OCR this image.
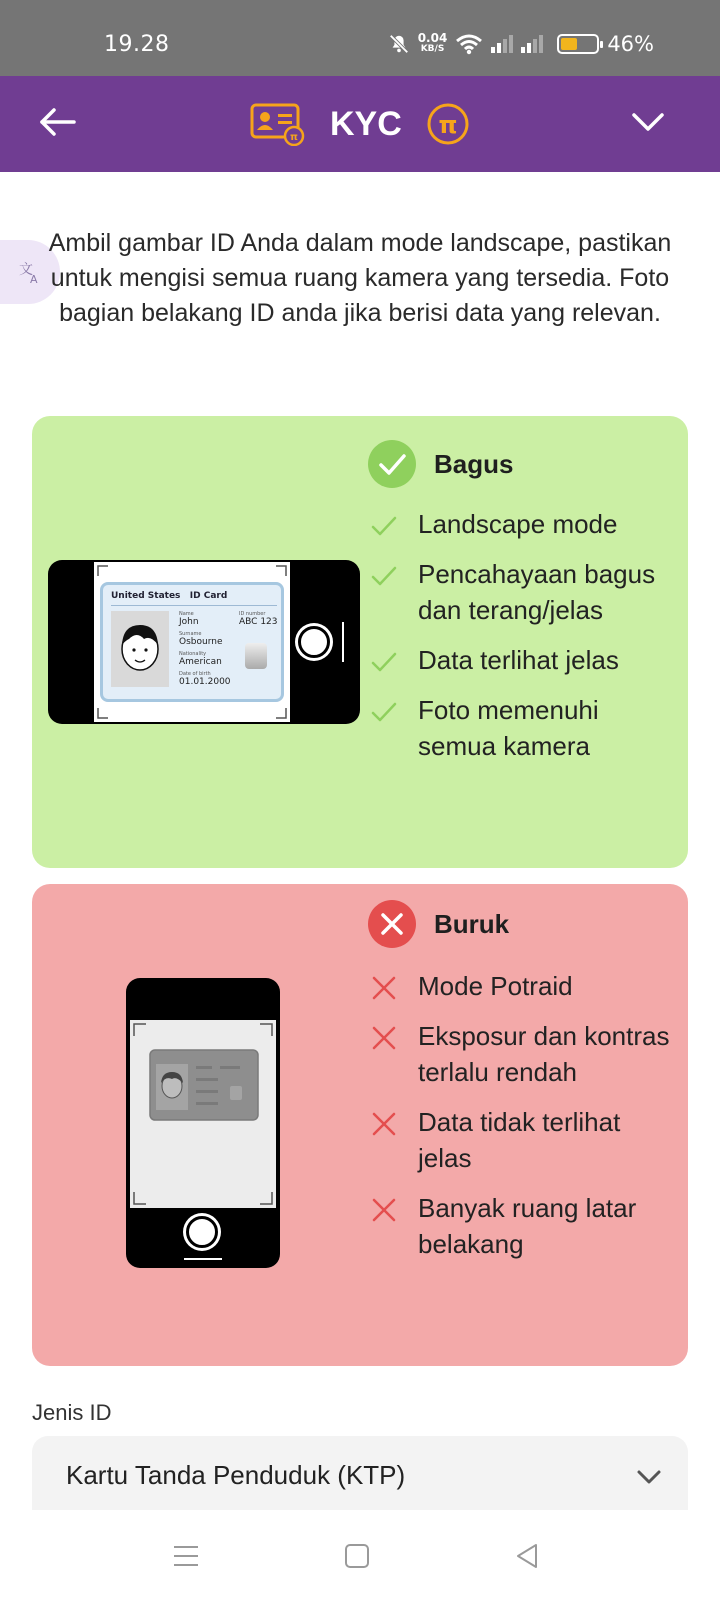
19.28	0.04
KB/S	46%
π KYC π
文
A

Ambil gambar ID Anda dalam mode landscape, pastikan untuk mengisi semua ruang kamera yang tersedia. Foto bagian belakang ID anda jika berisi data yang relevan.

United States   ID Card
Name
John
ID number
ABC 123
Surname
Osbourne
Nationality
American
Date of birth
01.01.2000
Bagus
Landscape mode
Pencahayaan bagus dan terang/jelas
Data terlihat jelas
Foto memenuhi semua kamera
Buruk
Mode Potraid
Eksposur dan kontras terlalu rendah
Data tidak terlihat jelas
Banyak ruang latar belakang
Jenis ID
Kartu Tanda Penduduk (KTP)
